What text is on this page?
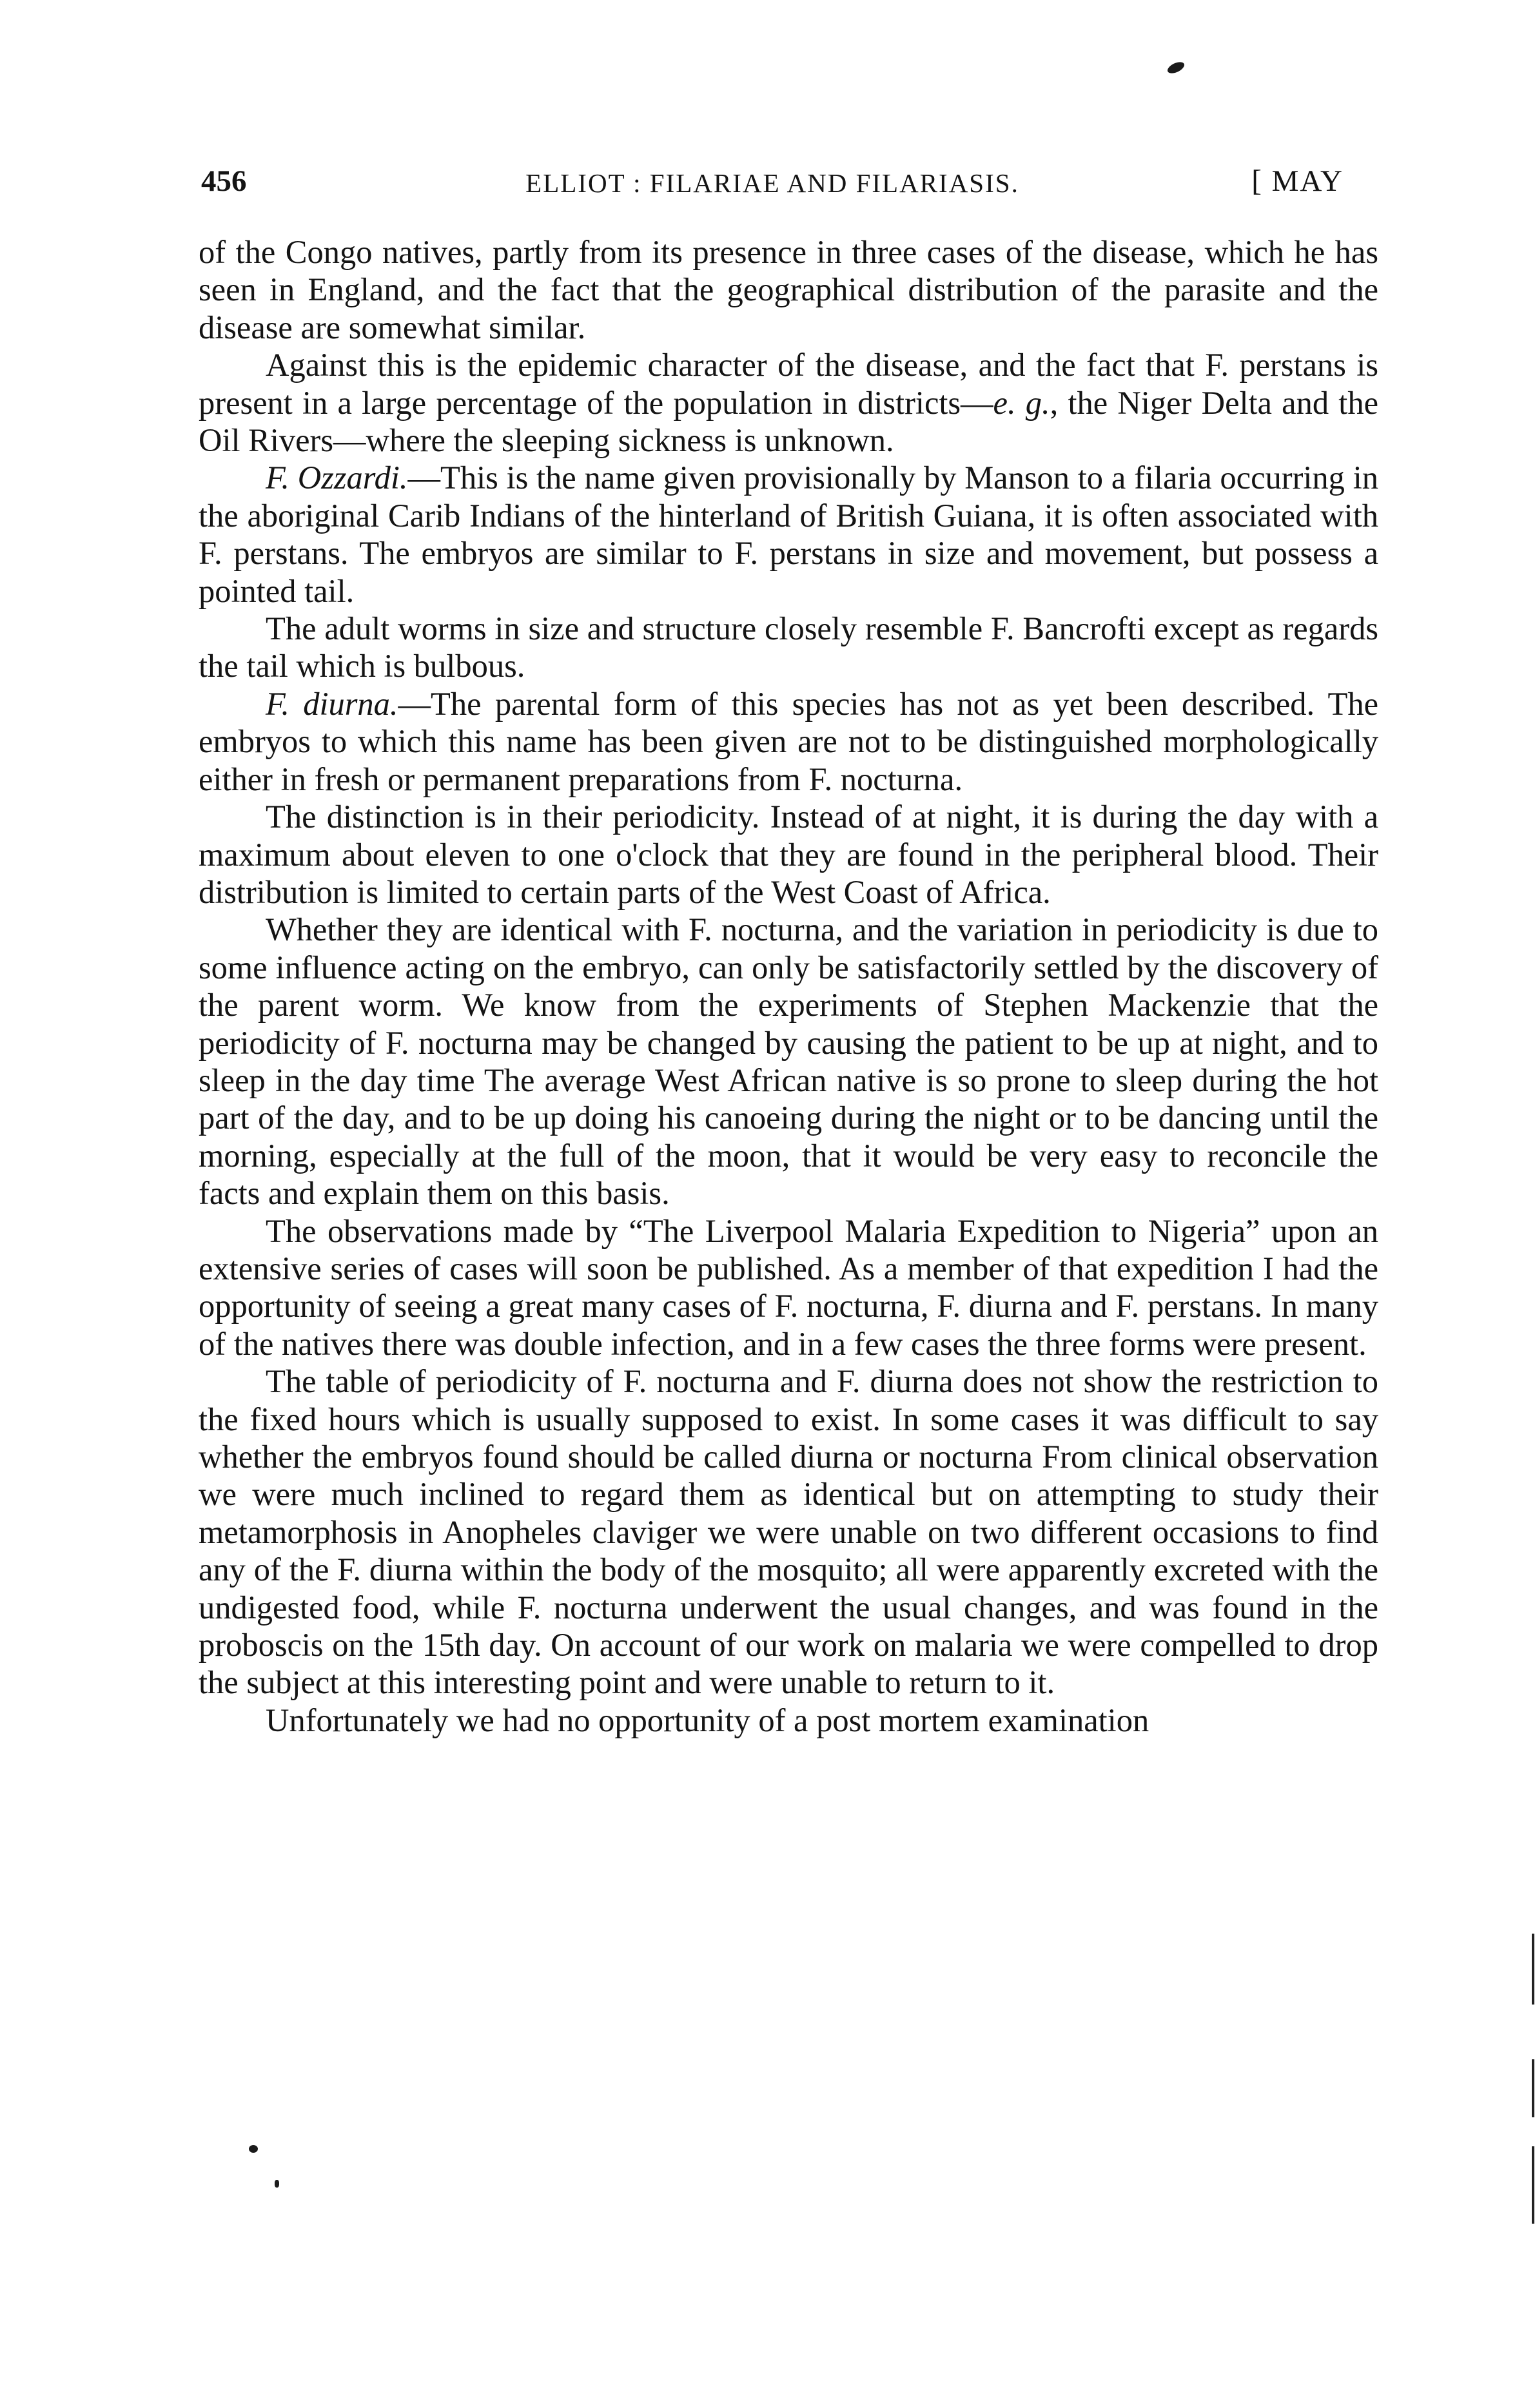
456	ELLIOT : FILARIAE AND FILARIASIS.	[ MAY

of the Congo natives, partly from its presence in three cases of the disease, which he has seen in England, and the fact that the geographical distribution of the parasite and the disease are somewhat similar.

Against this is the epidemic character of the disease, and the fact that F. perstans is present in a large percentage of the population in districts—e. g., the Niger Delta and the Oil Rivers—where the sleeping sickness is unknown.

F. Ozzardi.—This is the name given provisionally by Manson to a filaria occurring in the aboriginal Carib Indians of the hinterland of British Guiana, it is often associated with F. perstans. The embryos are similar to F. perstans in size and movement, but possess a pointed tail.

The adult worms in size and structure closely resemble F. Bancrofti except as regards the tail which is bulbous.

F. diurna.—The parental form of this species has not as yet been described. The embryos to which this name has been given are not to be distinguished morphologically either in fresh or permanent preparations from F. nocturna.

The distinction is in their periodicity. Instead of at night, it is during the day with a maximum about eleven to one o'clock that they are found in the peripheral blood. Their distribution is limited to certain parts of the West Coast of Africa.

Whether they are identical with F. nocturna, and the variation in periodicity is due to some influence acting on the embryo, can only be satisfactorily settled by the discovery of the parent worm. We know from the experiments of Stephen Mackenzie that the periodicity of F. nocturna may be changed by causing the patient to be up at night, and to sleep in the day time The average West African native is so prone to sleep during the hot part of the day, and to be up doing his canoeing during the night or to be dancing until the morning, especially at the full of the moon, that it would be very easy to reconcile the facts and explain them on this basis.

The observations made by “The Liverpool Malaria Expedition to Nigeria” upon an extensive series of cases will soon be published. As a member of that expedition I had the opportunity of seeing a great many cases of F. nocturna, F. diurna and F. perstans. In many of the natives there was double infection, and in a few cases the three forms were present.

The table of periodicity of F. nocturna and F. diurna does not show the restriction to the fixed hours which is usually supposed to exist. In some cases it was difficult to say whether the embryos found should be called diurna or nocturna From clinical observation we were much inclined to regard them as identical but on attempting to study their metamorphosis in Anopheles claviger we were unable on two different occasions to find any of the F. diurna within the body of the mosquito; all were apparently excreted with the undigested food, while F. nocturna underwent the usual changes, and was found in the proboscis on the 15th day. On account of our work on malaria we were compelled to drop the subject at this interesting point and were unable to return to it.

Unfortunately we had no opportunity of a post mortem examination
